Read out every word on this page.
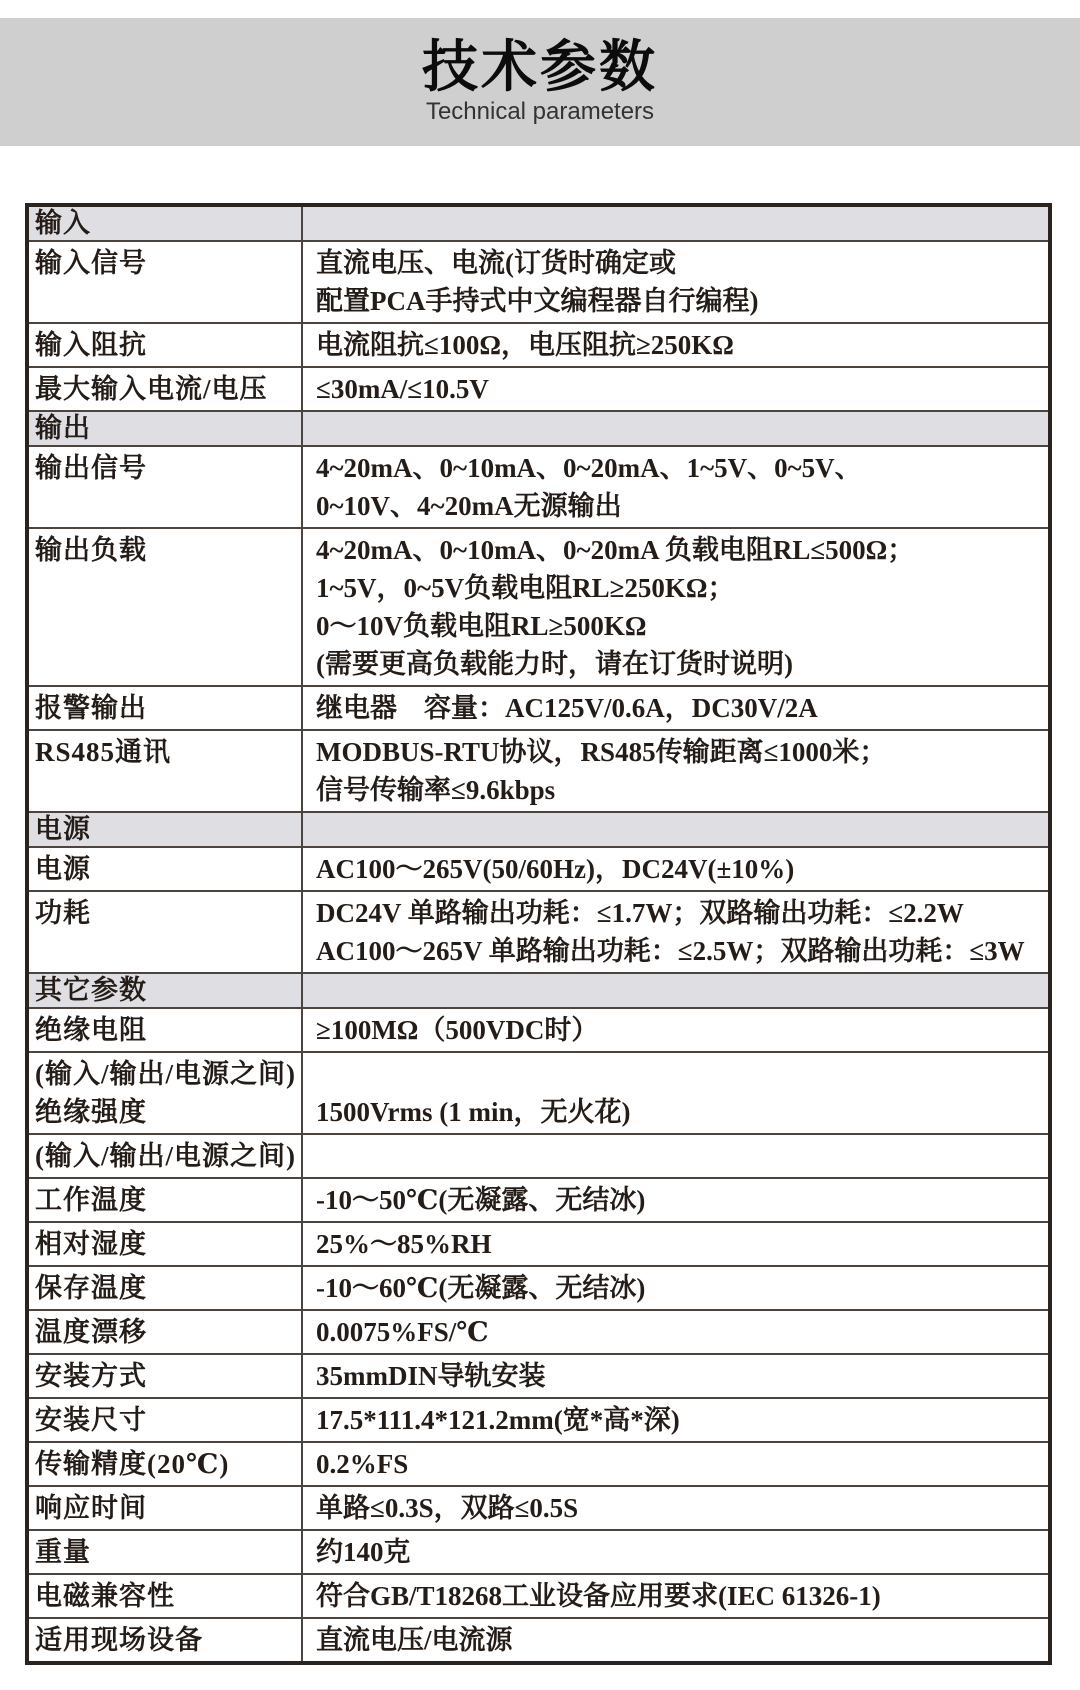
技术参数
Technical parameters
输入
输入信号	直流电压、电流(订货时确定或
配置PCA手持式中文编程器自行编程)
输入阻抗	电流阻抗≤100Ω，电压阻抗≥250KΩ
最大输入电流/电压	≤30mA/≤10.5V
输出
输出信号	4~20mA、0~10mA、0~20mA、1~5V、0~5V、
0~10V、4~20mA无源输出
输出负载	4~20mA、0~10mA、0~20mA 负载电阻RL≤500Ω；
1~5V，0~5V负载电阻RL≥250KΩ；
0～10V负载电阻RL≥500KΩ
(需要更高负载能力时，请在订货时说明)
报警输出	继电器　容量：AC125V/0.6A，DC30V/2A
RS485通讯	MODBUS-RTU协议，RS485传输距离≤1000米；
信号传输率≤9.6kbps
电源
电源	AC100～265V(50/60Hz)，DC24V(±10%)
功耗	DC24V 单路输出功耗：≤1.7W；双路输出功耗：≤2.2W
AC100～265V 单路输出功耗：≤2.5W；双路输出功耗：≤3W
其它参数
绝缘电阻	≥100MΩ（500VDC时）
(输入/输出/电源之间)
绝缘强度	1500Vrms (1 min，无火花)
(输入/输出/电源之间)
工作温度	-10～50℃(无凝露、无结冰)
相对湿度	25%～85%RH
保存温度	-10～60℃(无凝露、无结冰)
温度漂移	0.0075%FS/℃
安装方式	35mmDIN导轨安装
安装尺寸	17.5*111.4*121.2mm(宽*高*深)
传输精度(20℃)	0.2%FS
响应时间	单路≤0.3S，双路≤0.5S
重量	约140克
电磁兼容性	符合GB/T18268工业设备应用要求(IEC 61326-1)
适用现场设备	直流电压/电流源
